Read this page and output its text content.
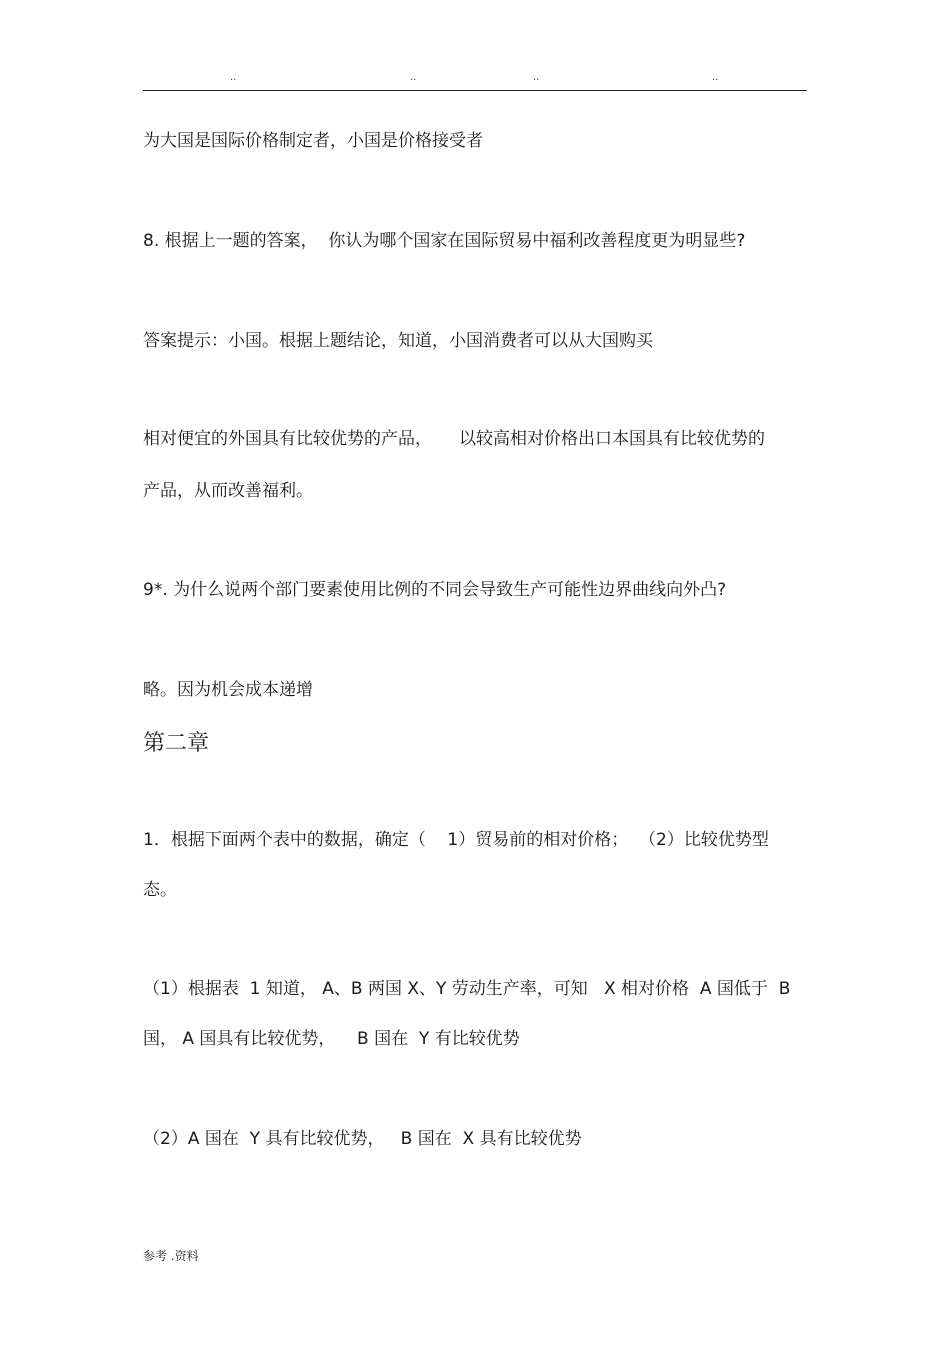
..	..	..	..
为大国是国际价格制定者，小国是价格接受者
8. 根据上一题的答案，  你认为哪个国家在国际贸易中福利改善程度更为明显些?
答案提示：小国。根据上题结论，知道，小国消费者可以从大国购买
相对便宜的外国具有比较优势的产品，     以较高相对价格出口本国具有比较优势的
产品，从而改善福利。
9*. 为什么说两个部门要素使用比例的不同会导致生产可能性边界曲线向外凸?
略。因为机会成本递增
第二章
1．根据下面两个表中的数据，确定（    1）贸易前的相对价格；  （2）比较优势型
态。
（1）根据表  1 知道， A、B 两国 X、Y 劳动生产率，可知   X 相对价格  A 国低于  B
国， A 国具有比较优势，    B 国在  Y 有比较优势
（2）A 国在  Y 具有比较优势，   B 国在  X 具有比较优势
参考 .资料
